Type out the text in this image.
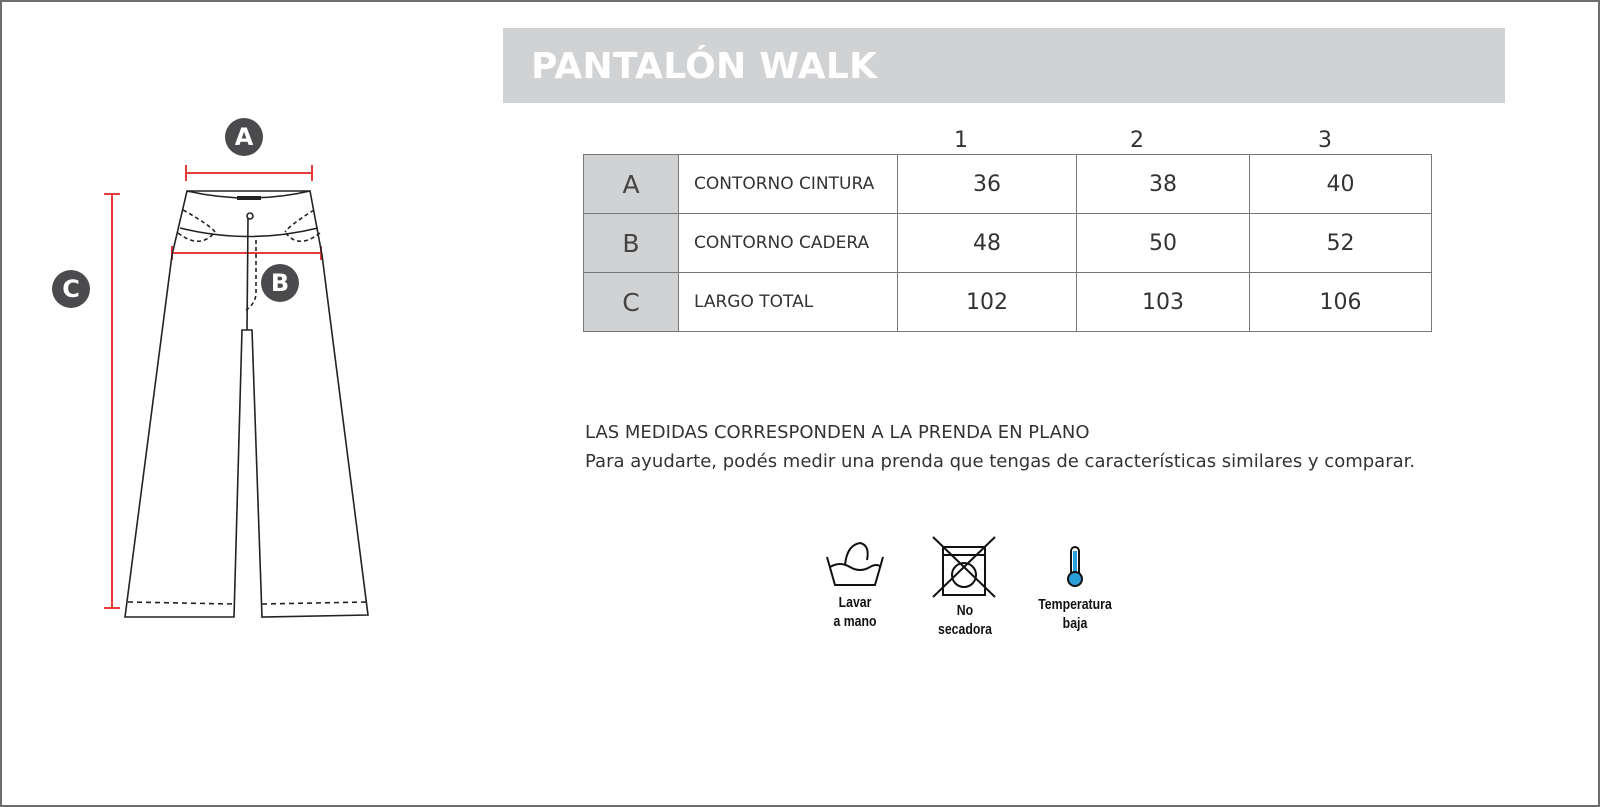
A
B
C
PANTALÓN WALK
1	2	3
A	CONTORNO CINTURA	36	38	40
B	CONTORNO CADERA	48	50	52
C	LARGO TOTAL	102	103	106
LAS MEDIDAS CORRESPONDEN A LA PRENDA EN PLANO
Para ayudarte, podés medir una prenda que tengas de características similares y comparar.
Lavar
a mano
No
secadora
Temperatura
baja
